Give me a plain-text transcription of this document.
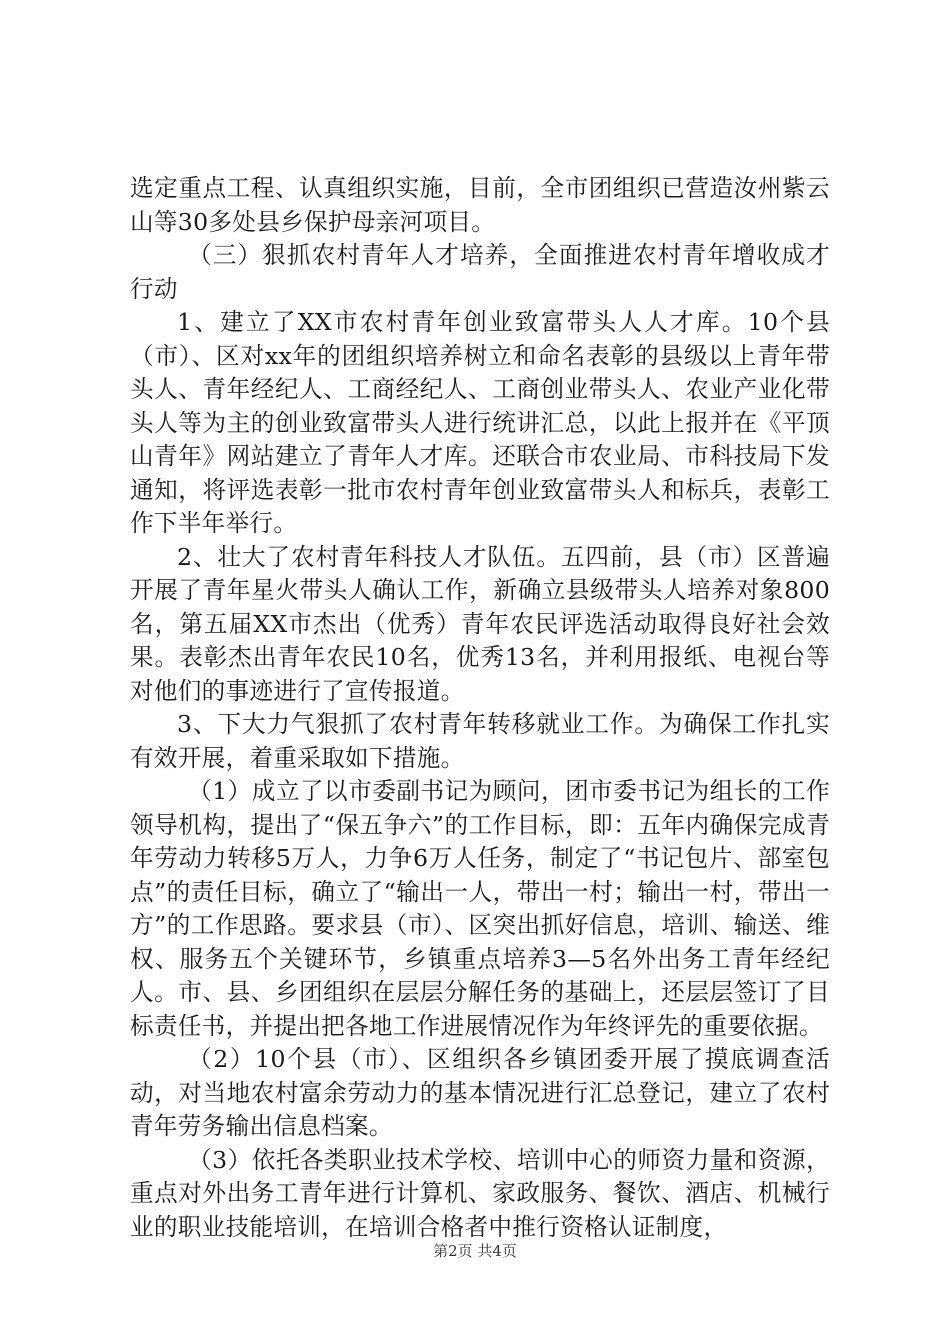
选定重点工程、认真组织实施，目前，全市团组织已营造汝州紫云山等30多处县乡保护母亲河项目。

（三）狠抓农村青年人才培养，全面推进农村青年增收成才行动

1、建立了XX市农村青年创业致富带头人人才库。10个县（市）、区对xx年的团组织培养树立和命名表彰的县级以上青年带头人、青年经纪人、工商经纪人、工商创业带头人、农业产业化带头人等为主的创业致富带头人进行统讲汇总，以此上报并在《平顶山青年》网站建立了青年人才库。还联合市农业局、市科技局下发通知，将评选表彰一批市农村青年创业致富带头人和标兵，表彰工作下半年举行。

2、壮大了农村青年科技人才队伍。五四前，县（市）区普遍开展了青年星火带头人确认工作，新确立县级带头人培养对象800名，第五届XX市杰出（优秀）青年农民评选活动取得良好社会效果。表彰杰出青年农民10名，优秀13名，并利用报纸、电视台等对他们的事迹进行了宣传报道。

3、下大力气狠抓了农村青年转移就业工作。为确保工作扎实有效开展，着重采取如下措施。

（1）成立了以市委副书记为顾问，团市委书记为组长的工作领导机构，提出了“保五争六”的工作目标，即：五年内确保完成青年劳动力转移5万人，力争6万人任务，制定了“书记包片、部室包点”的责任目标，确立了“输出一人，带出一村；输出一村，带出一方”的工作思路。要求县（市）、区突出抓好信息，培训、输送、维权、服务五个关键环节，乡镇重点培养3—5名外出务工青年经纪人。市、县、乡团组织在层层分解任务的基础上，还层层签订了目标责任书，并提出把各地工作进展情况作为年终评先的重要依据。

（2）10个县（市）、区组织各乡镇团委开展了摸底调查活动，对当地农村富余劳动力的基本情况进行汇总登记，建立了农村青年劳务输出信息档案。

（3）依托各类职业技术学校、培训中心的师资力量和资源，重点对外出务工青年进行计算机、家政服务、餐饮、酒店、机械行业的职业技能培训，在培训合格者中推行资格认证制度，

第2页 共4页
